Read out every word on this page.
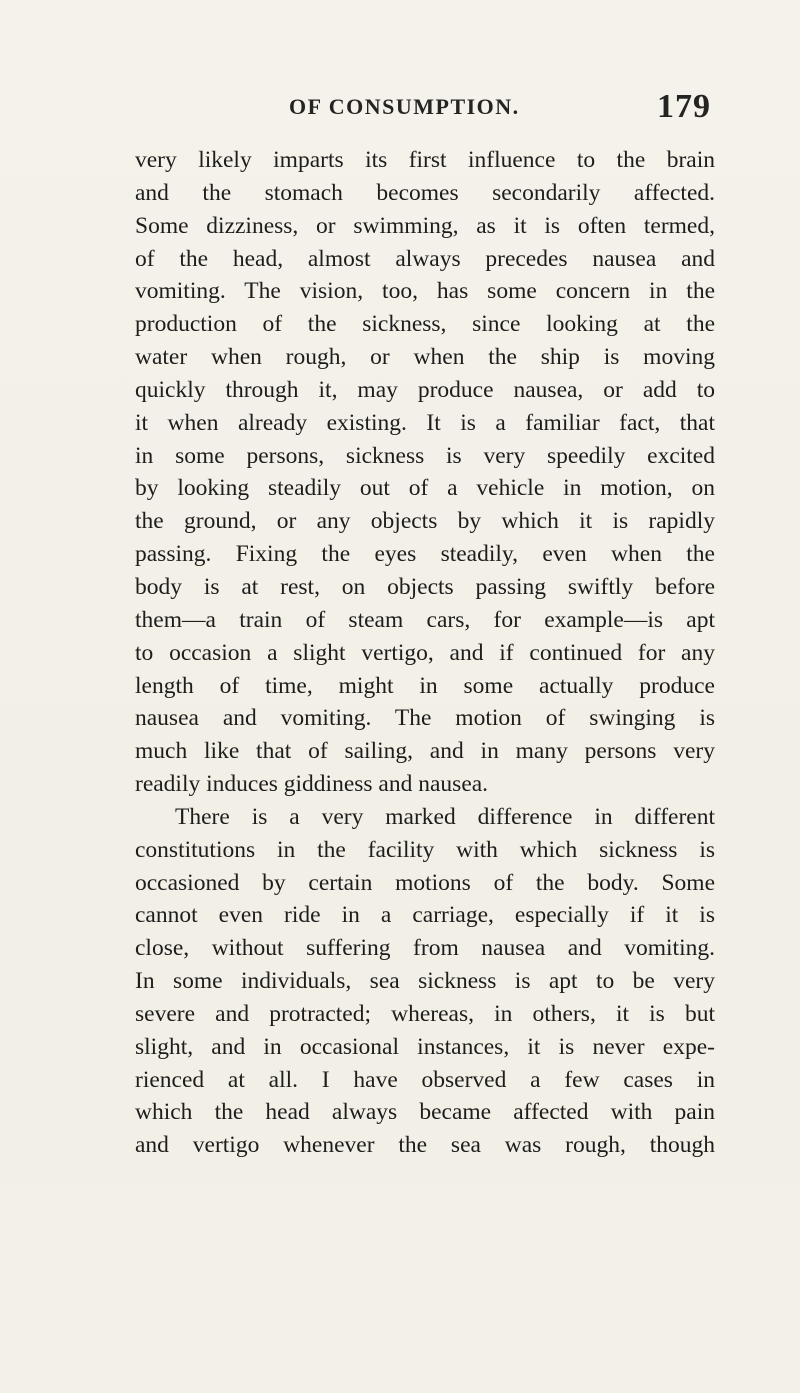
OF CONSUMPTION.	179
very likely imparts its first influence to the brain
and the stomach becomes secondarily affected.
Some dizziness, or swimming, as it is often termed,
of the head, almost always precedes nausea and
vomiting. The vision, too, has some concern in the
production of the sickness, since looking at the
water when rough, or when the ship is moving
quickly through it, may produce nausea, or add to
it when already existing. It is a familiar fact, that
in some persons, sickness is very speedily excited
by looking steadily out of a vehicle in motion, on
the ground, or any objects by which it is rapidly
passing. Fixing the eyes steadily, even when the
body is at rest, on objects passing swiftly before
them—a train of steam cars, for example—is apt
to occasion a slight vertigo, and if continued for any
length of time, might in some actually produce
nausea and vomiting. The motion of swinging is
much like that of sailing, and in many persons very
readily induces giddiness and nausea.
There is a very marked difference in different
constitutions in the facility with which sickness is
occasioned by certain motions of the body. Some
cannot even ride in a carriage, especially if it is
close, without suffering from nausea and vomiting.
In some individuals, sea sickness is apt to be very
severe and protracted; whereas, in others, it is but
slight, and in occasional instances, it is never expe-
rienced at all. I have observed a few cases in
which the head always became affected with pain
and vertigo whenever the sea was rough, though
